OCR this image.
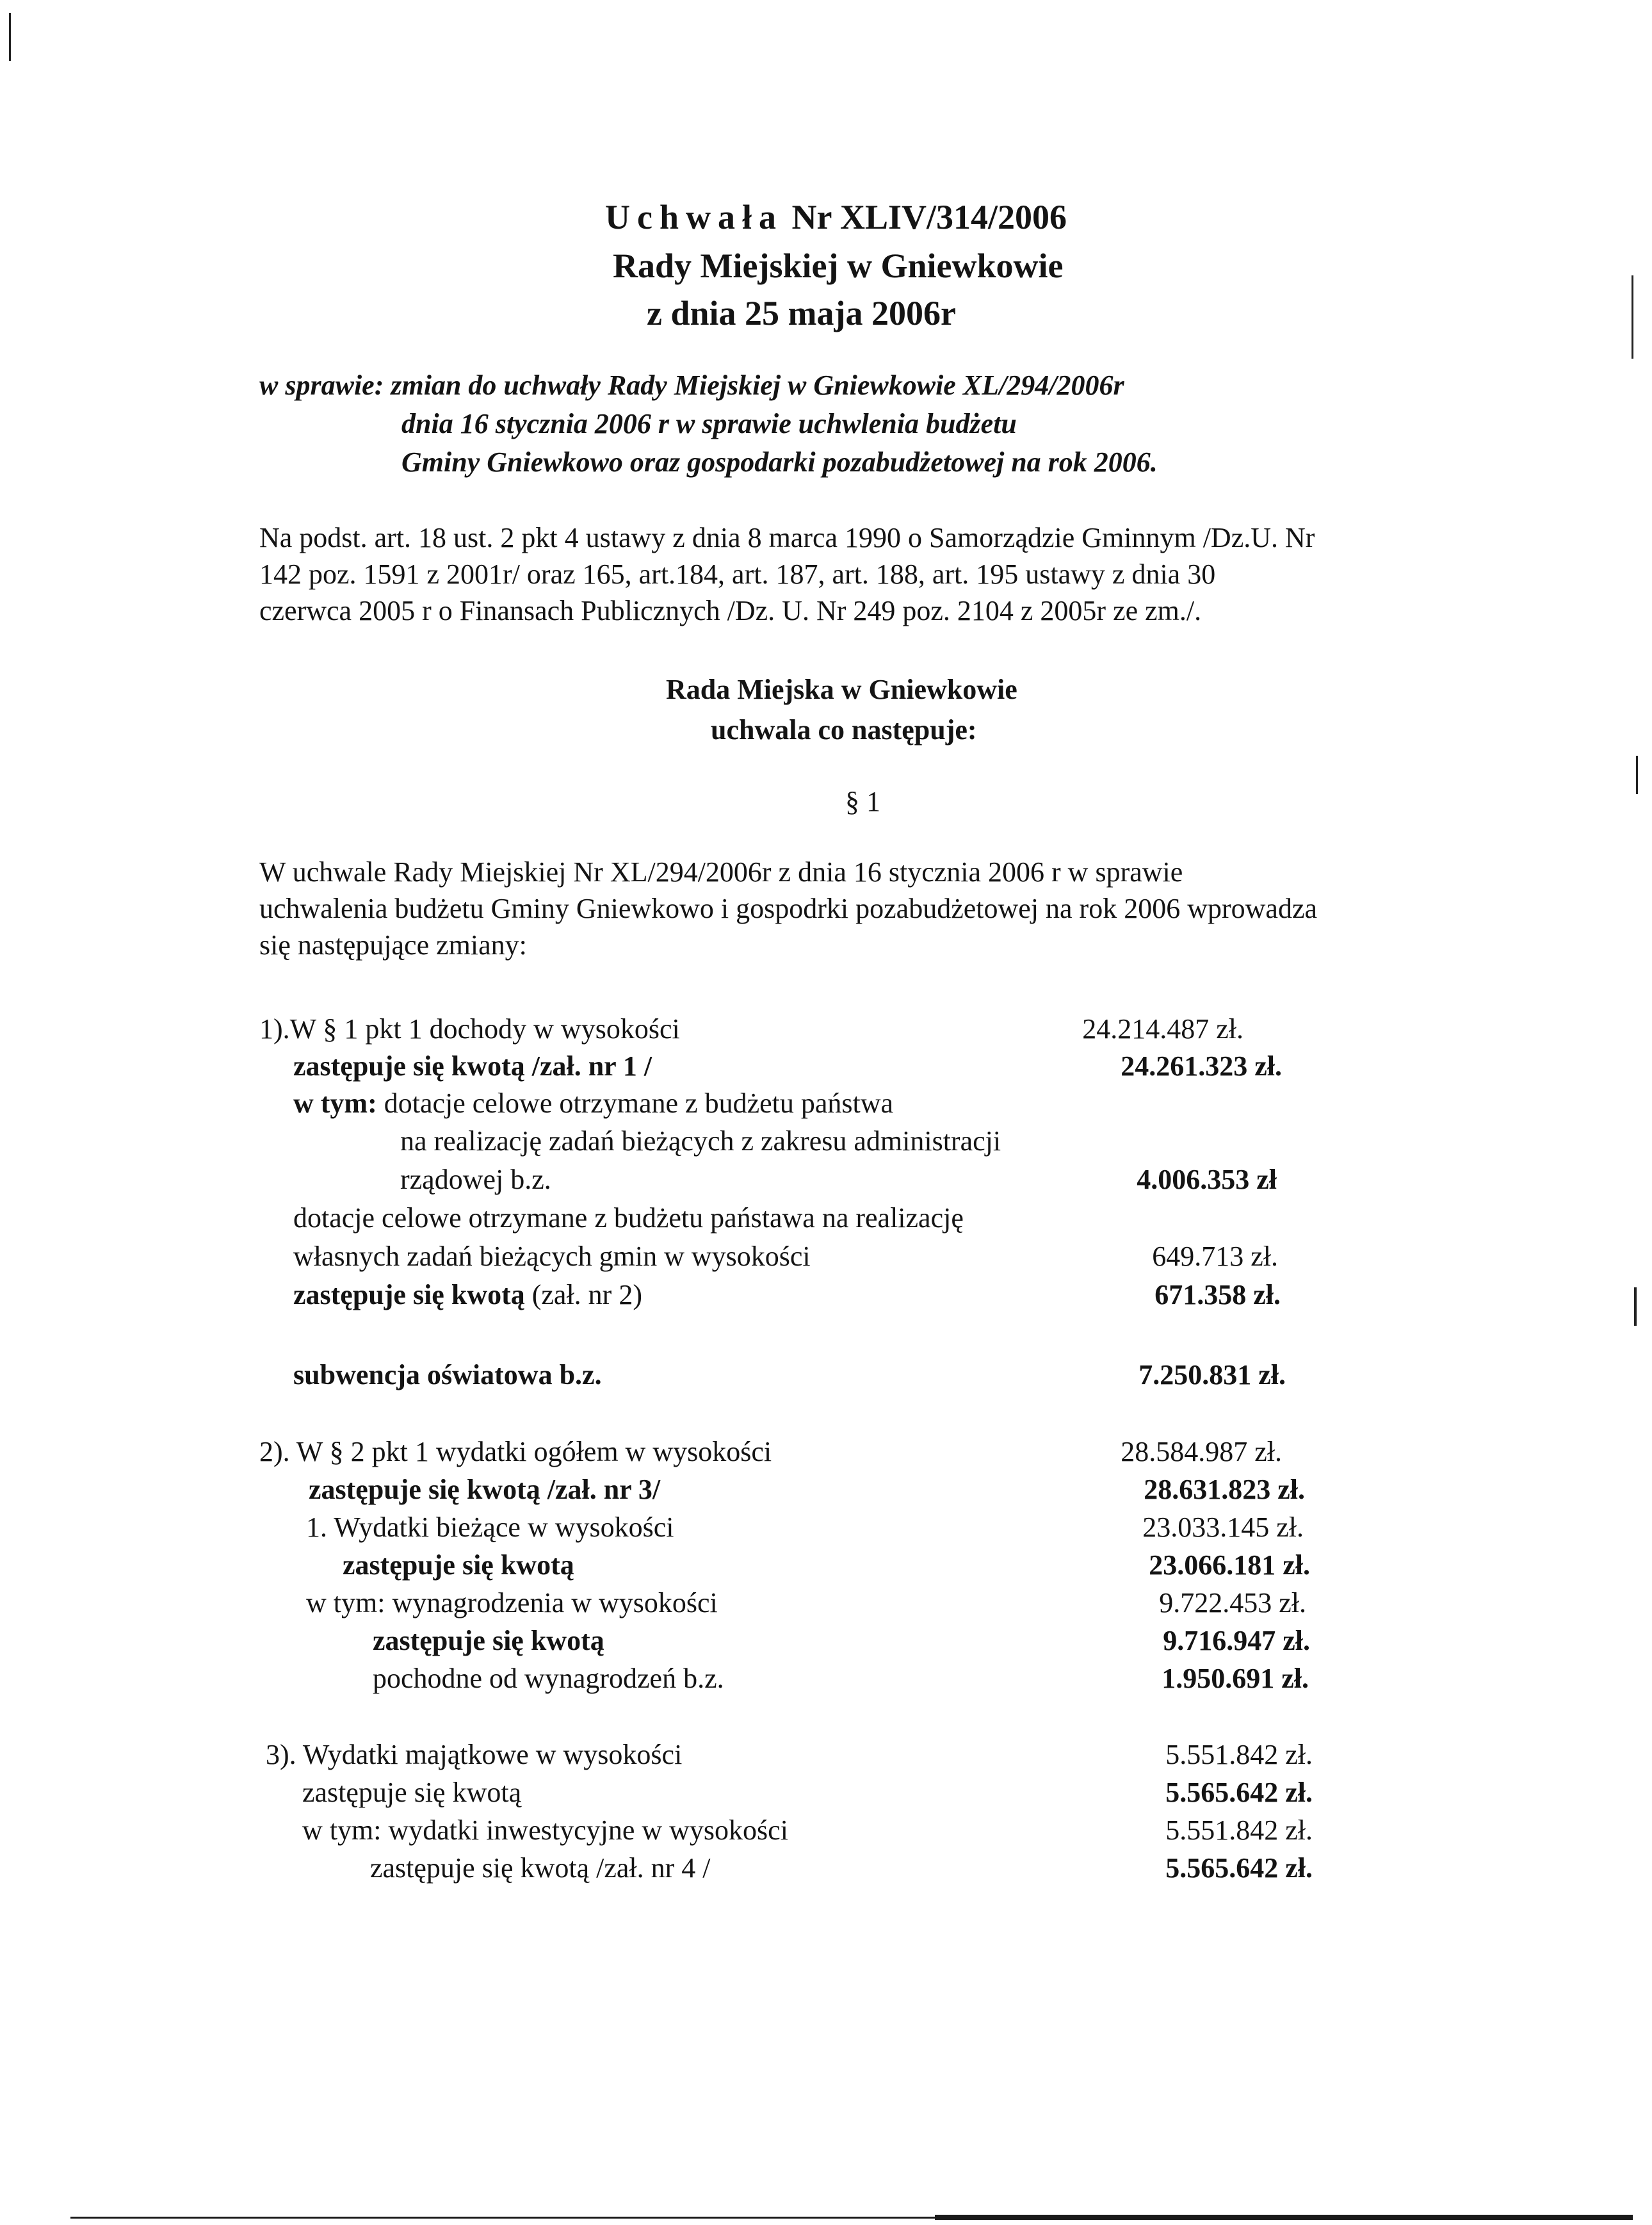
Uchwała Nr XLIV/314/2006
Rady Miejskiej w Gniewkowie
z dnia 25 maja 2006r
w sprawie: zmian do uchwały Rady Miejskiej w Gniewkowie XL/294/2006r
dnia 16 stycznia 2006 r w sprawie uchwlenia budżetu
Gminy Gniewkowo oraz gospodarki pozabudżetowej na rok 2006.
Na podst. art. 18 ust. 2 pkt 4 ustawy z dnia 8 marca 1990 o Samorządzie Gminnym /Dz.U. Nr
142 poz. 1591 z 2001r/ oraz 165, art.184, art. 187, art. 188, art. 195 ustawy z dnia 30
czerwca 2005 r o Finansach Publicznych /Dz. U. Nr 249 poz. 2104 z 2005r ze zm./.
Rada Miejska w Gniewkowie
uchwala co następuje:
§ 1
W uchwale Rady Miejskiej Nr XL/294/2006r z dnia 16 stycznia 2006 r w sprawie
uchwalenia budżetu Gminy Gniewkowo i gospodrki pozabudżetowej na rok 2006 wprowadza
się następujące zmiany:
1).W § 1 pkt 1 dochody w wysokości	24.214.487 zł.
zastępuje się kwotą /zał. nr 1 /	24.261.323 zł.
w tym: dotacje celowe otrzymane z budżetu państwa
na realizację zadań bieżących z zakresu administracji
rządowej b.z.	4.006.353 zł
dotacje celowe otrzymane z budżetu państawa na realizację
własnych zadań bieżących gmin w wysokości	649.713 zł.
zastępuje się kwotą (zał. nr 2)	671.358 zł.
subwencja oświatowa b.z.	7.250.831 zł.
2). W § 2 pkt 1 wydatki ogółem w wysokości	28.584.987 zł.
zastępuje się kwotą /zał. nr 3/	28.631.823 zł.
1. Wydatki bieżące w wysokości	23.033.145 zł.
zastępuje się kwotą	23.066.181 zł.
w tym: wynagrodzenia w wysokości	9.722.453 zł.
zastępuje się kwotą	9.716.947 zł.
pochodne od wynagrodzeń b.z.	1.950.691 zł.
3). Wydatki majątkowe w wysokości	5.551.842 zł.
zastępuje się kwotą	5.565.642 zł.
w tym: wydatki inwestycyjne w wysokości	5.551.842 zł.
zastępuje się kwotą /zał. nr 4 /	5.565.642 zł.
